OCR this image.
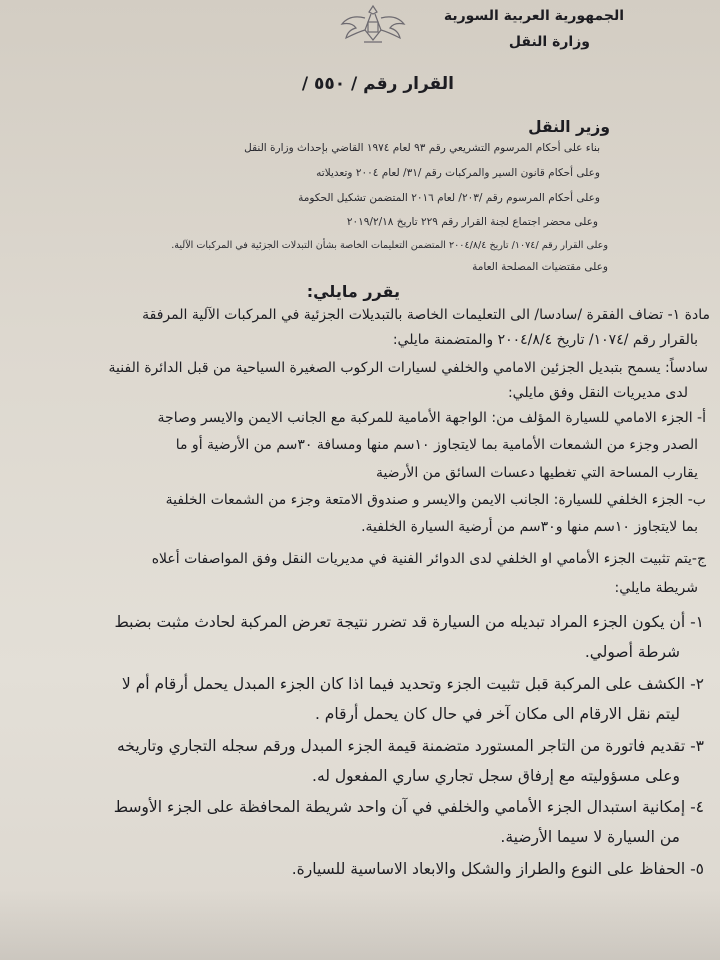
الجمهورية العربية السورية
وزارة النقل
القرار رقم / ٥٥٠ /
وزير النقل
بناء على أحكام المرسوم التشريعي رقم ٩٣ لعام ١٩٧٤ القاضي بإحداث وزارة النقل
وعلى أحكام قانون السير والمركبات رقم /٣١/ لعام ٢٠٠٤ وتعديلاته
وعلى أحكام المرسوم رقم /٢٠٣/ لعام ٢٠١٦ المتضمن تشكيل الحكومة
وعلى محضر اجتماع لجنة القرار رقم ٢٢٩ تاريخ ٢٠١٩/٢/١٨
وعلى القرار رقم /١٠٧٤/ تاريخ ٢٠٠٤/٨/٤ المتضمن التعليمات الخاصة بشأن التبدلات الجزئية في المركبات الآلية.
وعلى مقتضيات المصلحة العامة
يقرر مايلي:
مادة ١- تضاف الفقرة /سادسا/ الى التعليمات الخاصة بالتبديلات الجزئية في المركبات الآلية المرفقة
بالقرار رقم /١٠٧٤/ تاريخ ٢٠٠٤/٨/٤ والمتضمنة مايلي:
سادساً: يسمح بتبديل الجزئين الامامي والخلفي لسيارات الركوب الصغيرة السياحية من قبل الدائرة الفنية
لدى مديريات النقل وفق مايلي:
أ- الجزء الامامي للسيارة المؤلف من: الواجهة الأمامية للمركبة مع الجانب الايمن والايسر وصاجة
الصدر وجزء من الشمعات الأمامية بما لايتجاوز ١٠سم منها ومسافة ٣٠سم من الأرضية أو ما
يقارب المساحة التي تغطيها دعسات السائق من الأرضية
ب- الجزء الخلفي للسيارة: الجانب الايمن والايسر و صندوق الامتعة وجزء من الشمعات الخلفية
بما لايتجاوز ١٠سم منها و٣٠سم من أرضية السيارة الخلفية.
ج-يتم تثبيت الجزء الأمامي او الخلفي لدى الدوائر الفنية في مديريات النقل وفق المواصفات أعلاه
شريطة مايلي:
١- أن يكون الجزء المراد تبديله من السيارة قد تضرر نتيجة تعرض المركبة لحادث مثبت بضبط
شرطة أصولي.
٢- الكشف على المركبة قبل تثبيت الجزء وتحديد فيما اذا كان الجزء المبدل يحمل أرقام أم لا
ليتم نقل الارقام الى مكان آخر في حال كان يحمل أرقام .
٣- تقديم فاتورة من التاجر المستورد متضمنة قيمة الجزء المبدل ورقم سجله التجاري وتاريخه
وعلى مسؤوليته مع إرفاق سجل تجاري ساري المفعول له.
٤- إمكانية استبدال الجزء الأمامي والخلفي في آن واحد شريطة المحافظة على الجزء الأوسط
من السيارة لا سيما الأرضية.
٥- الحفاظ على النوع والطراز والشكل والابعاد الاساسية للسيارة.
